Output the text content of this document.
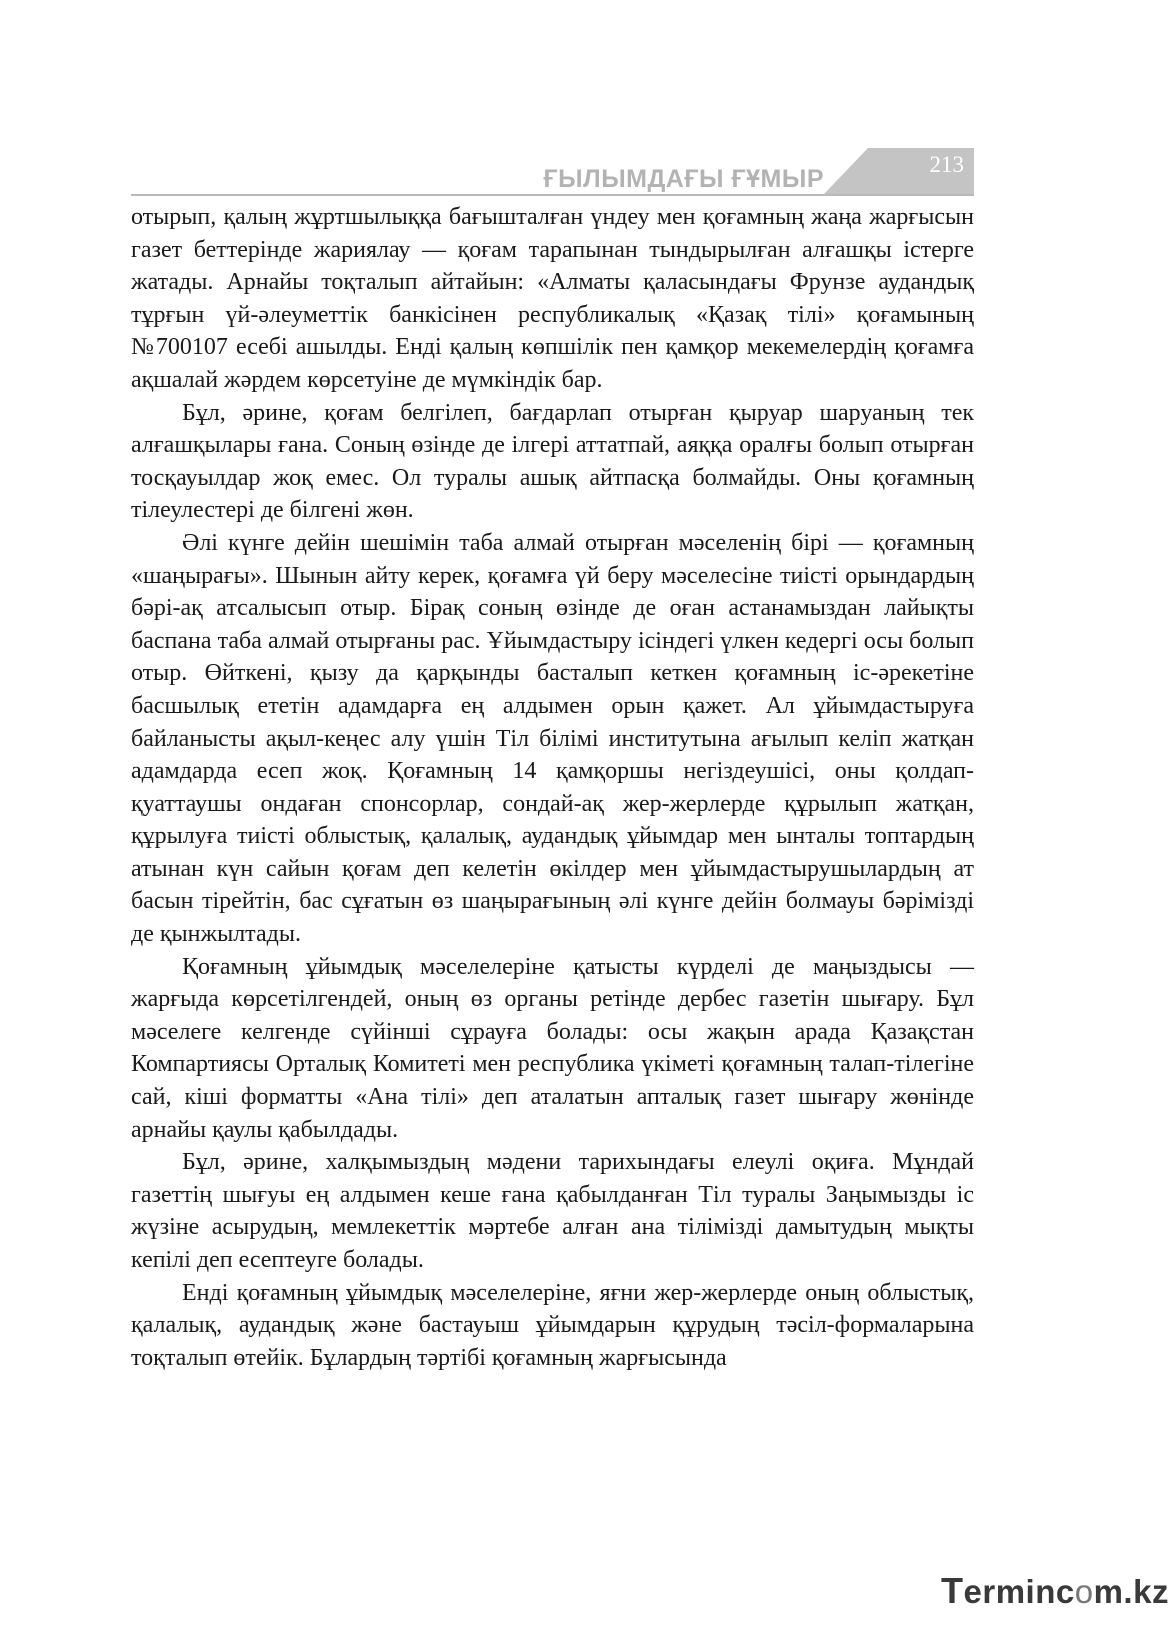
ҒЫЛЫМДАҒЫ ҒҰМЫР
213

отырып, қалың жұртшылыққа бағышталған үндеу мен қоғамның жаңа жарғысын газет беттерінде жариялау — қоғам тарапынан тындырылған алғашқы істерге жатады. Арнайы тоқталып айтайын: «Алматы қаласындағы Фрунзе аудандық тұрғын үй-әлеуметтік банкісінен республикалық «Қазақ тілі» қоғамының №700107 есебі ашылды. Енді қалың көпшілік пен қамқор мекемелердің қоғамға ақшалай жәрдем көрсетуіне де мүмкіндік бар.

Бұл, әрине, қоғам белгілеп, бағдарлап отырған қыруар шаруаның тек алғашқылары ғана. Соның өзінде де ілгері аттатпай, аяққа оралғы болып отырған тосқауылдар жоқ емес. Ол туралы ашық айтпасқа болмайды. Оны қоғамның тілеулестері де білгені жөн.

Әлі күнге дейін шешімін таба алмай отырған мәселенің бірі — қоғамның «шаңырағы». Шынын айту керек, қоғамға үй беру мәселесіне тиісті орындардың бәрі-ақ атсалысып отыр. Бірақ соның өзінде де оған астанамыздан лайықты баспана таба алмай отырғаны рас. Ұйымдастыру ісіндегі үлкен кедергі осы болып отыр. Өйткені, қызу да қарқынды басталып кеткен қоғамның іс-әрекетіне басшылық ететін адамдарға ең алдымен орын қажет. Ал ұйымдастыруға байланысты ақыл-кеңес алу үшін Тіл білімі институтына ағылып келіп жатқан адамдарда есеп жоқ. Қоғамның 14 қамқоршы негіздеушісі, оны қолдап-қуаттаушы ондаған спонсорлар, сондай-ақ жер-жерлерде құрылып жатқан, құрылуға тиісті облыстық, қалалық, аудандық ұйымдар мен ынталы топтардың атынан күн сайын қоғам деп келетін өкілдер мен ұйымдастырушылардың ат басын тірейтін, бас сұғатын өз шаңырағының әлі күнге дейін болмауы бәрімізді де қынжылтады.

Қоғамның ұйымдық мәселелеріне қатысты күрделі де маңыздысы — жарғыда көрсетілгендей, оның өз органы ретінде дербес газетін шығару. Бұл мәселеге келгенде сүйінші сұрауға болады: осы жақын арада Қазақстан Компартиясы Орталық Комитеті мен республика үкіметі қоғамның талап-тілегіне сай, кіші форматты «Ана тілі» деп аталатын апталық газет шығару жөнінде арнайы қаулы қабылдады.

Бұл, әрине, халқымыздың мәдени тарихындағы елеулі оқиға. Мұндай газеттің шығуы ең алдымен кеше ғана қабылданған Тіл туралы Заңымызды іс жүзіне асырудың, мемлекеттік мәртебе алған ана тілімізді дамытудың мықты кепілі деп есептеуге болады.

Енді қоғамның ұйымдық мәселелеріне, яғни жер-жерлерде оның облыстық, қалалық, аудандық және бастауыш ұйымдарын құрудың тәсіл-формаларына тоқталып өтейік. Бұлардың тәртібі қоғамның жарғысында

Termincom.kz
